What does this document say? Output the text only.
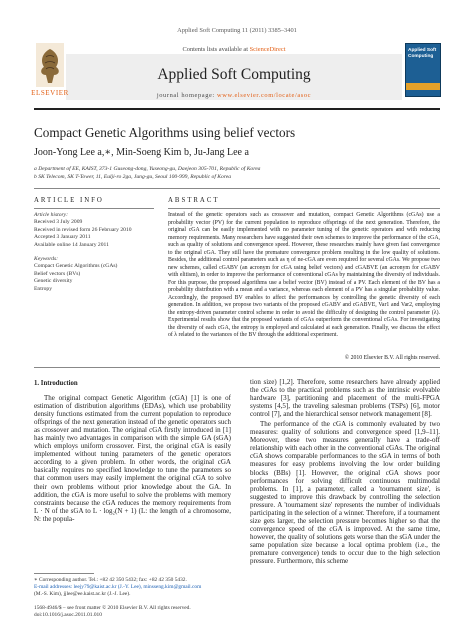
Applied Soft Computing 11 (2011) 3385–3401
Contents lists available at ScienceDirect
Applied Soft Computing
journal homepage: www.elsevier.com/locate/asoc
ELSEVIER
Applied Soft Computing
Compact Genetic Algorithms using belief vectors
Joon-Yong Lee a,∗, Min-Soeng Kim b, Ju-Jang Lee a
a Department of EE, KAIST, 373-1 Guseong-dong, Yuseong-gu, Daejeon 305-701, Republic of Korea
b SK Telecom, SK T-Tower, 11, Eulji-ro 2ga, Jung-gu, Seoul 100-999, Republic of Korea
ARTICLE INFO	ABSTRACT
Article history:
Received 3 July 2009
Received in revised form 26 February 2010
Accepted 3 January 2011
Available online 14 January 2011
Keywords:
Compact Genetic Algorithms (cGAs)
Belief vectors (BVs)
Genetic diversity
Entropy
Instead of the genetic operators such as crossover and mutation, compact Genetic Algorithms (cGAs) use a probability vector (PV) for the current population to reproduce offsprings of the next generation. Therefore, the original cGA can be easily implemented with no parameter tuning of the genetic operators and with reducing memory requirements. Many researchers have suggested their own schemes to improve the performance of the cGA, such as quality of solutions and convergence speed. However, these researches mainly have given fast convergence to the original cGA. They still have the premature convergence problem resulting in the low quality of solutions. Besides, the additional control parameters such as η of ne-cGA are even required for several cGAs. We propose two new schemes, called cGABV (an acronym for cGA using belief vectors) and cGABVE (an acronym for cGABV with elitism), in order to improve the performance of conventional cGAs by maintaining the diversity of individuals. For this purpose, the proposed algorithms use a belief vector (BV) instead of a PV. Each element of the BV has a probability distribution with a mean and a variance, whereas each element of a PV has a singular probability value. Accordingly, the proposed BV enables to affect the performances by controlling the genetic diversity of each generation. In addition, we propose two variants of the proposed cGABV and cGABVE, Var1 and Var2, employing the entropy-driven parameter control scheme in order to avoid the difficulty of designing the control parameter (λ). Experimental results show that the proposed variants of cGAs outperform the conventional cGAs. For investigating the diversity of each cGA, the entropy is employed and calculated at each generation. Finally, we discuss the effect of λ related to the variances of the BV through the additional experiment.
© 2010 Elsevier B.V. All rights reserved.
1. Introduction

The original compact Genetic Algorithm (cGA) [1] is one of estimation of distribution algorithms (EDAs), which use probability density functions estimated from the current population to reproduce offsprings of the next generation instead of the genetic operators such as crossover and mutation. The original cGA firstly introduced in [1] has mainly two advantages in comparison with the simple GA (sGA) which employs uniform crossover. First, the original cGA is easily implemented without tuning parameters of the genetic operators according to a given problem. In other words, the original cGA basically requires no specified knowledge to tune the parameters so that common users may easily implement the original cGA to solve their own problems without prior knowledge about the GA. In addition, the cGA is more useful to solve the problems with memory constraints because the cGA reduces the memory requirements from L · N of the sGA to L · log₂(N + 1) (L: the length of a chromosome, N: the popula-

tion size) [1,2]. Therefore, some researchers have already applied the cGAs to the practical problems such as the intrinsic evolvable hardware [3], partitioning and placement of the multi-FPGA systems [4,5], the traveling salesman problems (TSPs) [6], motor control [7], and the hierarchical sensor network management [8].

The performance of the cGA is commonly evaluated by two measures: quality of solutions and convergence speed [1,9–11]. Moreover, these two measures generally have a trade-off relationship with each other in the conventional cGAs. The original cGA shows comparable performances to the sGA in terms of both measures for easy problems involving the low order building blocks (BBs) [1]. However, the original cGA shows poor performances for solving difficult continuous multimodal problems. In [1], a parameter, called a 'tournament size', is suggested to improve this drawback by controlling the selection pressure. A 'tournament size' represents the number of individuals participating in the selection of a winner. Therefore, if a tournament size gets larger, the selection pressure becomes higher so that the convergence speed of the cGA is improved. At the same time, however, the quality of solutions gets worse than the sGA under the same population size because a local optima problem (i.e., the premature convergence) tends to occur due to the high selection pressure. Furthermore, this scheme

∗ Corresponding author. Tel.: +82 42 350 5432; fax: +82 42 350 5432.
E-mail addresses: leejy79@kaist.ac.kr (J.-Y. Lee), minsseng.kim@gmail.com
(M.-S. Kim), jjlee@ee.kaist.ac.kr (J.-J. Lee).
1568-4946/$ – see front matter © 2010 Elsevier B.V. All rights reserved.
doi:10.1016/j.asoc.2011.01.010
